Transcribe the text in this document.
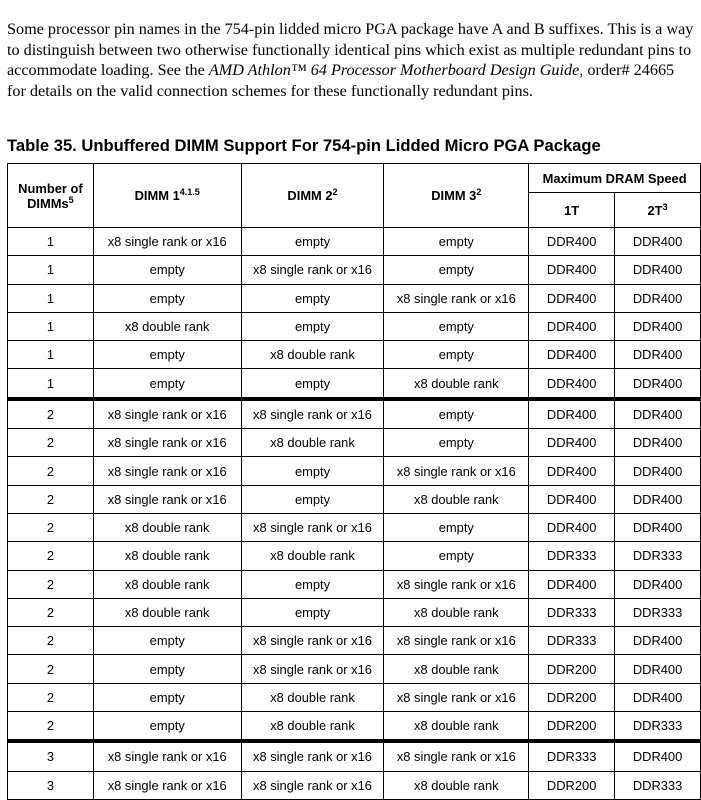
Some processor pin names in the 754-pin lidded micro PGA package have A and B suffixes. This is a way to distinguish between two otherwise functionally identical pins which exist as multiple redundant pins to accommodate loading. See the AMD Athlon™ 64 Processor Motherboard Design Guide, order# 24665 for details on the valid connection schemes for these functionally redundant pins.

Table 35. Unbuffered DIMM Support For 754-pin Lidded Micro PGA Package
Number of
DIMMs$^5$	DIMM $1^{4.1.5}$	DIMM $2^2$	DIMM $3^2$	Maximum DRAM Speed	
				1T	$2T^3$
1	x8 single rank or x16	empty	empty	DDR400	DDR400
1	empty	x8 single rank or x16	empty	DDR400	DDR400
1	empty	empty	x8 single rank or x16	DDR400	DDR400
1	x8 double rank	empty	empty	DDR400	DDR400
1	empty	x8 double rank	empty	DDR400	DDR400
1	empty	empty	x8 double rank	DDR400	DDR400
2	x8 single rank or x16	x8 single rank or x16	empty	DDR400	DDR400
2	x8 single rank or x16	x8 double rank	empty	DDR400	DDR400
2	x8 single rank or x16	empty	x8 single rank or x16	DDR400	DDR400
2	x8 single rank or x16	empty	x8 double rank	DDR400	DDR400
2	x8 double rank	x8 single rank or x16	empty	DDR400	DDR400
2	x8 double rank	x8 double rank	empty	DDR333	DDR333
2	x8 double rank	empty	x8 single rank or x16	DDR400	DDR400
2	x8 double rank	empty	x8 double rank	DDR333	DDR333
2	empty	x8 single rank or x16	x8 single rank or x16	DDR333	DDR400
2	empty	x8 single rank or x16	x8 double rank	DDR200	DDR400
2	empty	x8 double rank	x8 single rank or x16	DDR200	DDR400
2	empty	x8 double rank	x8 double rank	DDR200	DDR333
3	x8 single rank or x16	x8 single rank or x16	x8 single rank or x16	DDR333	DDR400
3	x8 single rank or x16	x8 single rank or x16	x8 double rank	DDR200	DDR333
